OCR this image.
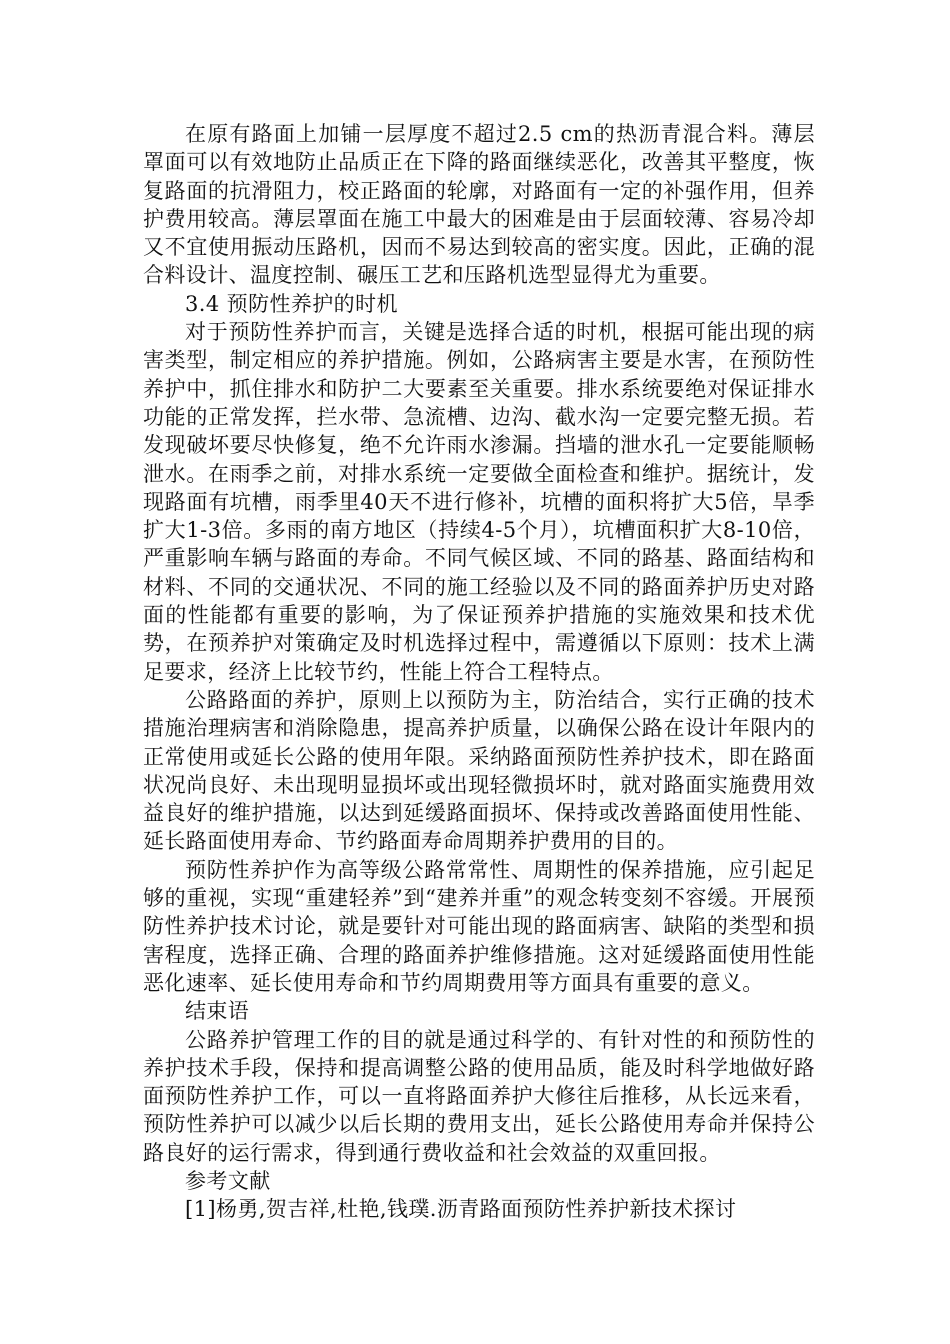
在原有路面上加铺一层厚度不超过2.5 cm的热沥青混合料。薄层罩面可以有效地防止品质正在下降的路面继续恶化，改善其平整度，恢复路面的抗滑阻力，校正路面的轮廓，对路面有一定的补强作用，但养护费用较高。薄层罩面在施工中最大的困难是由于层面较薄、容易冷却又不宜使用振动压路机，因而不易达到较高的密实度。因此，正确的混合料设计、温度控制、碾压工艺和压路机选型显得尤为重要。

3.4 预防性养护的时机

对于预防性养护而言，关键是选择合适的时机，根据可能出现的病害类型，制定相应的养护措施。例如，公路病害主要是水害，在预防性养护中，抓住排水和防护二大要素至关重要。排水系统要绝对保证排水功能的正常发挥，拦水带、急流槽、边沟、截水沟一定要完整无损。若发现破坏要尽快修复，绝不允许雨水渗漏。挡墙的泄水孔一定要能顺畅泄水。在雨季之前，对排水系统一定要做全面检查和维护。据统计，发现路面有坑槽，雨季里40天不进行修补，坑槽的面积将扩大5倍，旱季扩大1-3倍。多雨的南方地区（持续4-5个月），坑槽面积扩大8-10倍，严重影响车辆与路面的寿命。不同气候区域、不同的路基、路面结构和材料、不同的交通状况、不同的施工经验以及不同的路面养护历史对路面的性能都有重要的影响，为了保证预养护措施的实施效果和技术优势，在预养护对策确定及时机选择过程中，需遵循以下原则：技术上满足要求，经济上比较节约，性能上符合工程特点。

公路路面的养护，原则上以预防为主，防治结合，实行正确的技术措施治理病害和消除隐患，提高养护质量，以确保公路在设计年限内的正常使用或延长公路的使用年限。采纳路面预防性养护技术，即在路面状况尚良好、未出现明显损坏或出现轻微损坏时，就对路面实施费用效益良好的维护措施，以达到延缓路面损坏、保持或改善路面使用性能、延长路面使用寿命、节约路面寿命周期养护费用的目的。

预防性养护作为高等级公路常常性、周期性的保养措施，应引起足够的重视，实现“重建轻养”到“建养并重”的观念转变刻不容缓。开展预防性养护技术讨论，就是要针对可能出现的路面病害、缺陷的类型和损害程度，选择正确、合理的路面养护维修措施。这对延缓路面使用性能恶化速率、延长使用寿命和节约周期费用等方面具有重要的意义。

结束语

公路养护管理工作的目的就是通过科学的、有针对性的和预防性的养护技术手段，保持和提高调整公路的使用品质，能及时科学地做好路面预防性养护工作，可以一直将路面养护大修往后推移，从长远来看，预防性养护可以减少以后长期的费用支出，延长公路使用寿命并保持公路良好的运行需求，得到通行费收益和社会效益的双重回报。

参考文献

[1]杨勇,贺吉祥,杜艳,钱璞.沥青路面预防性养护新技术探讨
